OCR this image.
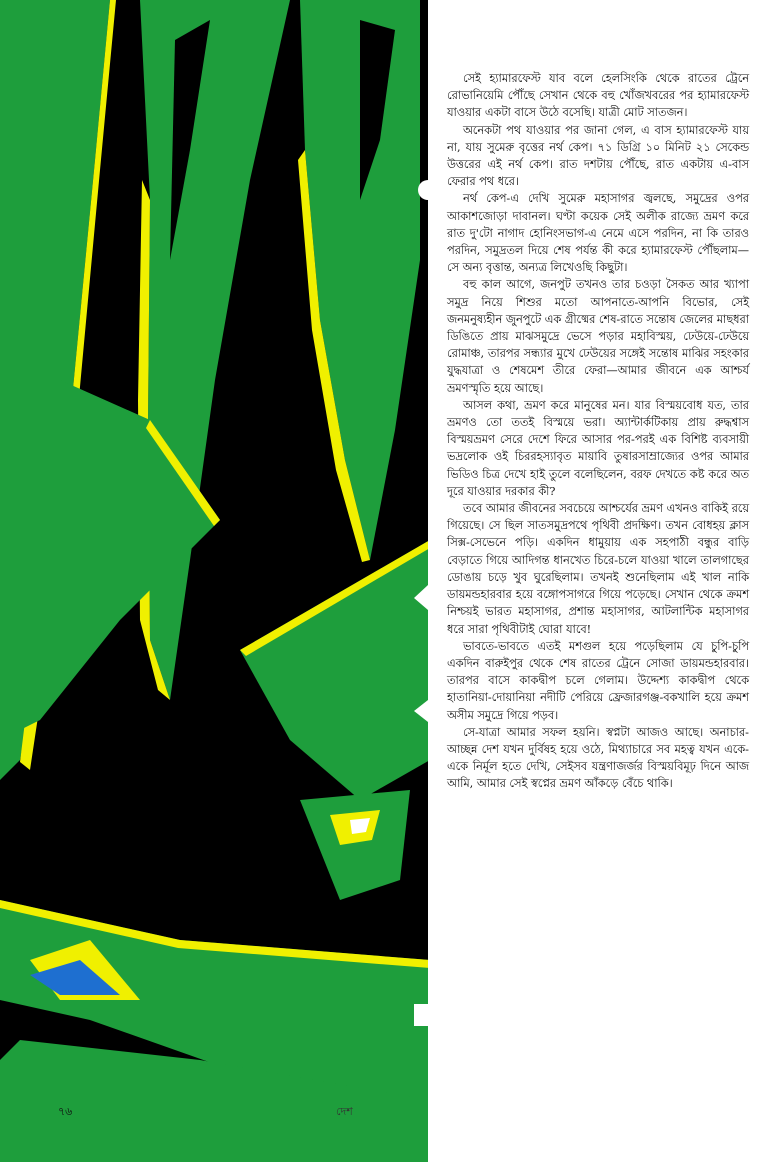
সেই হ্যামারফেস্ট যাব বলে হেলসিংকি থেকে রাতের ট্রেনে রোভানিয়েমি পৌঁছে সেখান থেকে বহু খোঁজখবরের পর হ্যামারফেস্ট যাওয়ার একটা বাসে উঠে বসেছি। যাত্রী মোট সাতজন।

অনেকটা পথ যাওয়ার পর জানা গেল, এ বাস হ্যামারফেস্ট যায় না, যায় সুমেরু বৃত্তের নর্থ কেপ। ৭১ ডিগ্রি ১০ মিনিট ২১ সেকেন্ড উত্তরের এই নর্থ কেপ। রাত দশটায় পৌঁছে, রাত একটায় এ-বাস ফেরার পথ ধরে।

নর্থ কেপ-এ দেখি সুমেরু মহাসাগর জ্বলছে, সমুদ্রের ওপর আকাশজোড়া দাবানল। ঘণ্টা কয়েক সেই অলীক রাজ্যে ভ্রমণ করে রাত দু'টো নাগাদ হোনিংসভাগ-এ নেমে এসে পরদিন, না কি তারও পরদিন, সমুদ্রতল দিয়ে শেষ পর্যন্ত কী করে হ্যামারফেস্ট পৌঁছলাম—সে অন্য বৃত্তান্ত, অন্যত্র লিখেওছি কিছুটা।

বহু কাল আগে, জনপুট তখনও তার চওড়া সৈকত আর খ্যাপা সমুদ্র নিয়ে শিশুর মতো আপনাতে-আপনি বিভোর, সেই জনমনুষ্যহীন জুনপুটে এক গ্রীষ্মের শেষ-রাতে সন্তোষ জেলের মাছধরা ডিঙিতে প্রায় মাঝসমুদ্রে ভেসে পড়ার মহাবিস্ময়, ঢেউয়ে-ঢেউয়ে রোমাঞ্চ, তারপর সন্ধ্যার মুখে ঢেউয়ের সঙ্গেই সন্তোষ মাঝির সহংকার যুদ্ধযাত্রা ও শেষমেশ তীরে ফেরা—আমার জীবনে এক আশ্চর্য ভ্রমণস্মৃতি হয়ে আছে।

আসল কথা, ভ্রমণ করে মানুষের মন। যার বিস্ময়বোধ যত, তার ভ্রমণও তো ততই বিস্ময়ে ভরা। অ্যান্টার্কটিকায় প্রায় রুদ্ধশ্বাস বিস্ময়ভ্রমণ সেরে দেশে ফিরে আসার পর-পরই এক বিশিষ্ট ব্যবসায়ী ভদ্রলোক ওই চিররহস্যাবৃত মায়াবি তুষারসাম্রাজ্যের ওপর আমার ভিডিও চিত্র দেখে হাই তুলে বলেছিলেন, বরফ দেখতে কষ্ট করে অত দূরে যাওয়ার দরকার কী?

তবে আমার জীবনের সবচেয়ে আশ্চর্যের ভ্রমণ এখনও বাকিই রয়ে গিয়েছে। সে ছিল সাতসমুদ্রপথে পৃথিবী প্রদক্ষিণ। তখন বোধহয় ক্লাস সিক্স-সেভেনে পড়ি। একদিন ধামুয়ায় এক সহপাঠী বন্ধুর বাড়ি বেড়াতে গিয়ে আদিগন্ত ধানখেত চিরে-চলে যাওয়া খালে তালগাছের ডোঙায় চড়ে খুব ঘুরেছিলাম। তখনই শুনেছিলাম এই খাল নাকি ডায়মন্ডহারবার হয়ে বঙ্গোপসাগরে গিয়ে পড়েছে। সেখান থেকে ক্রমশ নিশ্চয়ই ভারত মহাসাগর, প্রশান্ত মহাসাগর, আটলান্টিক মহাসাগর ধরে সারা পৃথিবীটাই ঘোরা যাবে!

ভাবতে-ভাবতে এতই মশগুল হয়ে পড়েছিলাম যে চুপি-চুপি একদিন বারুইপুর থেকে শেষ রাতের ট্রেনে সোজা ডায়মন্ডহারবার। তারপর বাসে কাকদ্বীপ চলে গেলাম। উদ্দেশ্য কাকদ্বীপ থেকে হাতানিয়া-দোয়ানিয়া নদীটি পেরিয়ে ফ্রেজারগঞ্জ-বকখালি হয়ে ক্রমশ অসীম সমুদ্রে গিয়ে পড়ব।

সে-যাত্রা আমার সফল হয়নি। স্বপ্নটা আজও আছে। অনাচার-আচ্ছন্ন দেশ যখন দুর্বিষহ হয়ে ওঠে, মিথ্যাচারে সব মহত্ব যখন একে-একে নির্মূল হতে দেখি, সেইসব যন্ত্রণাজর্জর বিস্ময়বিমূঢ় দিনে আজ আমি, আমার সেই স্বপ্নের ভ্রমণ আঁকড়ে বেঁচে থাকি।

৭৬	দেশ
